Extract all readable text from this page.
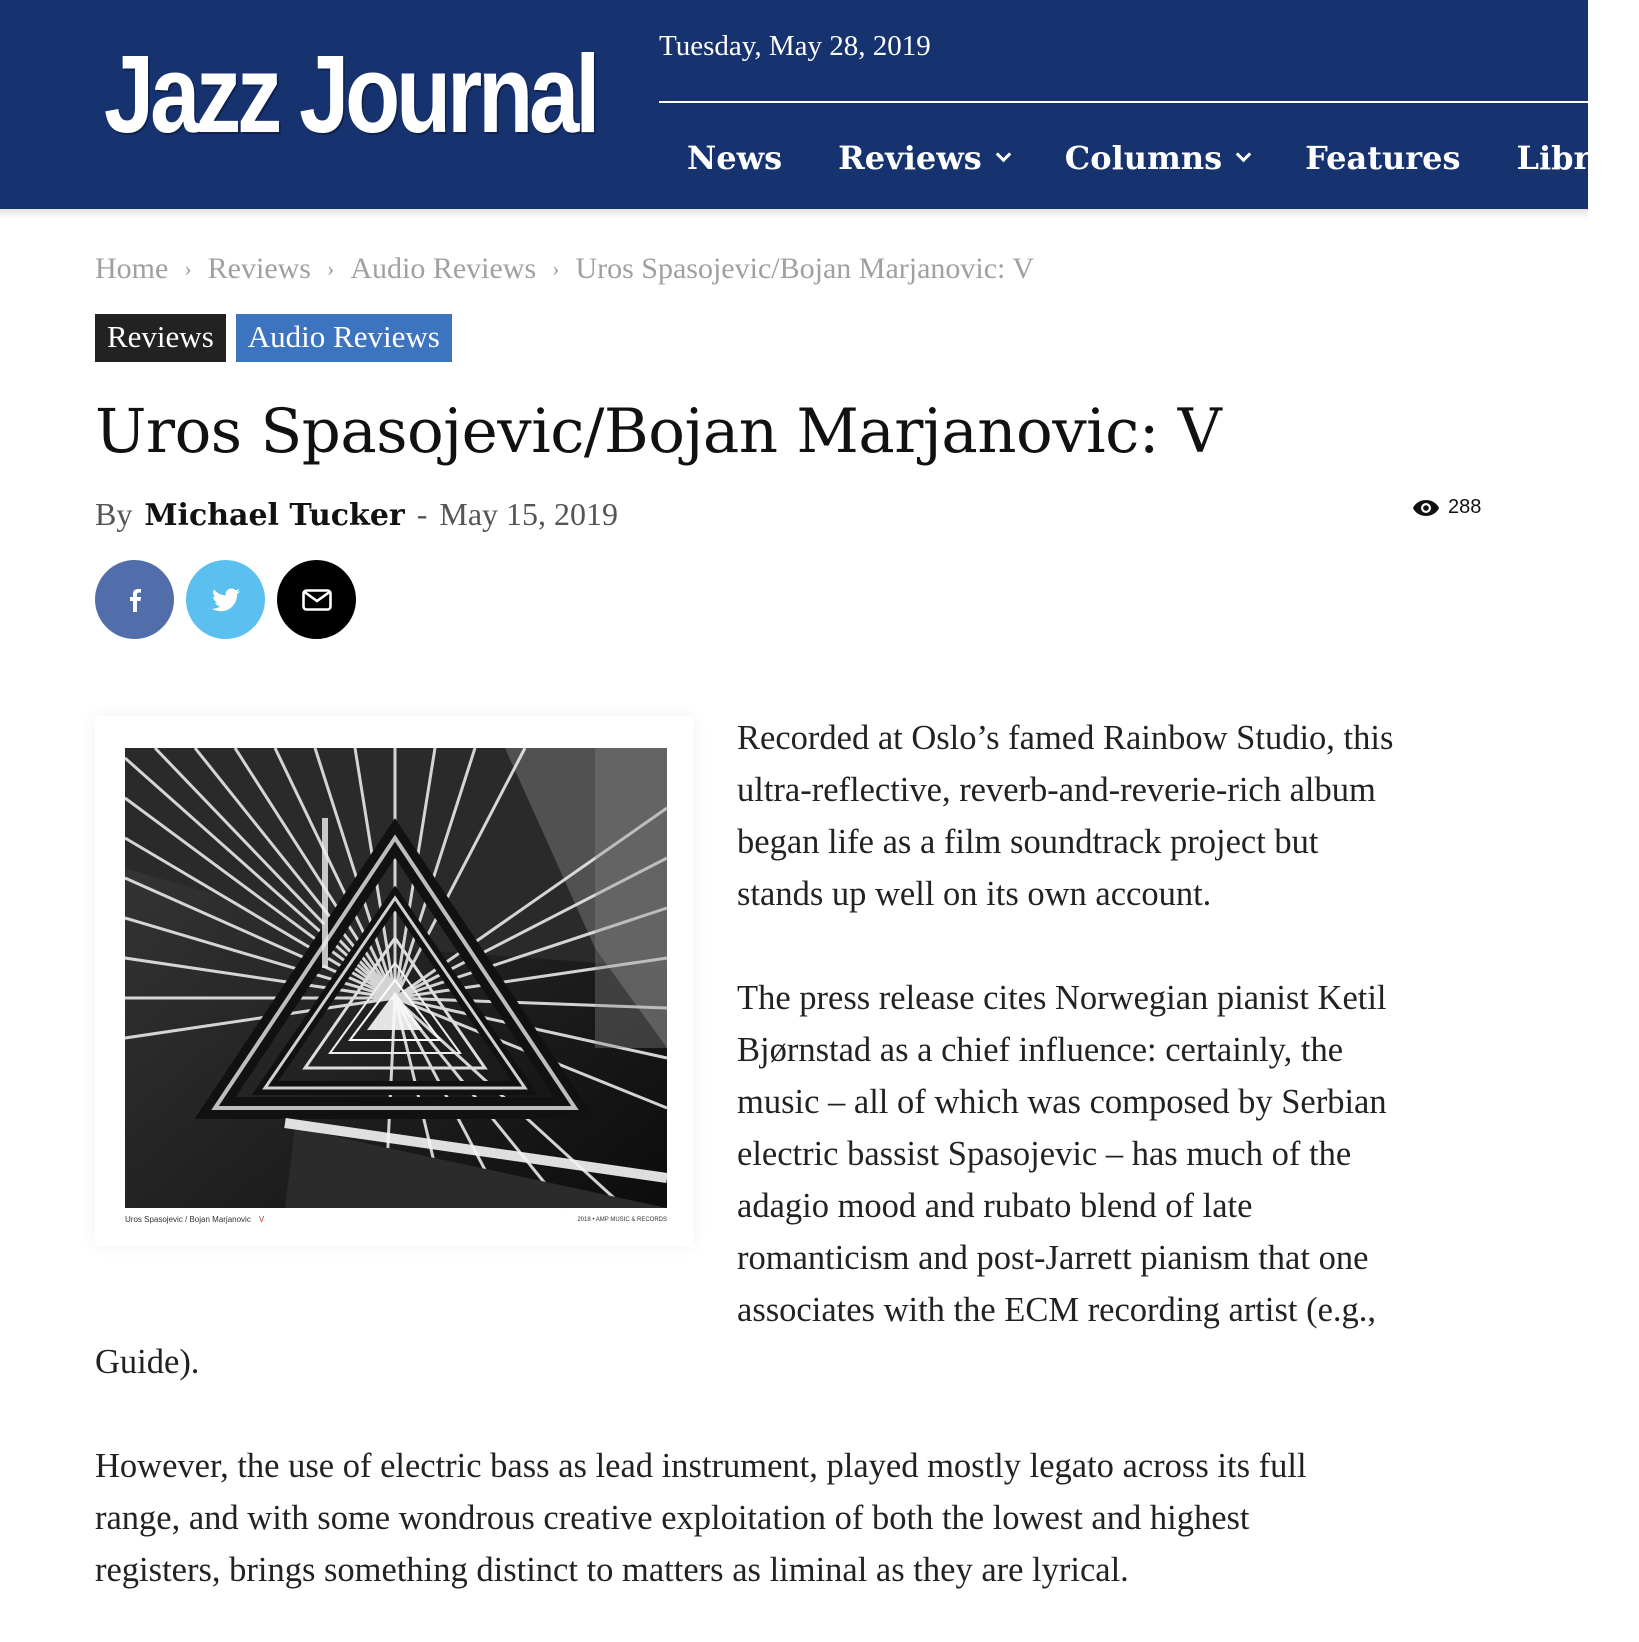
Jazz Journal Tuesday, May 28, 2019
News Reviews	Columns	Features Libra
Home › Reviews › Audio Reviews › Uros Spasojevic/Bojan Marjanovic: V
Reviews	Audio Reviews
Uros Spasojevic/Bojan Marjanovic: V
By Michael Tucker - May 15, 2019	288
Uros Spasojevic / Bojan Marjanovic V	2018 • AMP MUSIC & RECORDS
Recorded at Oslo’s famed Rainbow Studio, this
ultra-reflective, reverb-and-reverie-rich album
began life as a film soundtrack project but
stands up well on its own account.
The press release cites Norwegian pianist Ketil
Bjørnstad as a chief influence: certainly, the
music – all of which was composed by Serbian
electric bassist Spasojevic – has much of the
adagio mood and rubato blend of late
romanticism and post-Jarrett pianism that one
associates with the ECM recording artist (e.g.,
Guide).
However, the use of electric bass as lead instrument, played mostly legato across its full
range, and with some wondrous creative exploitation of both the lowest and highest
registers, brings something distinct to matters as liminal as they are lyrical.
